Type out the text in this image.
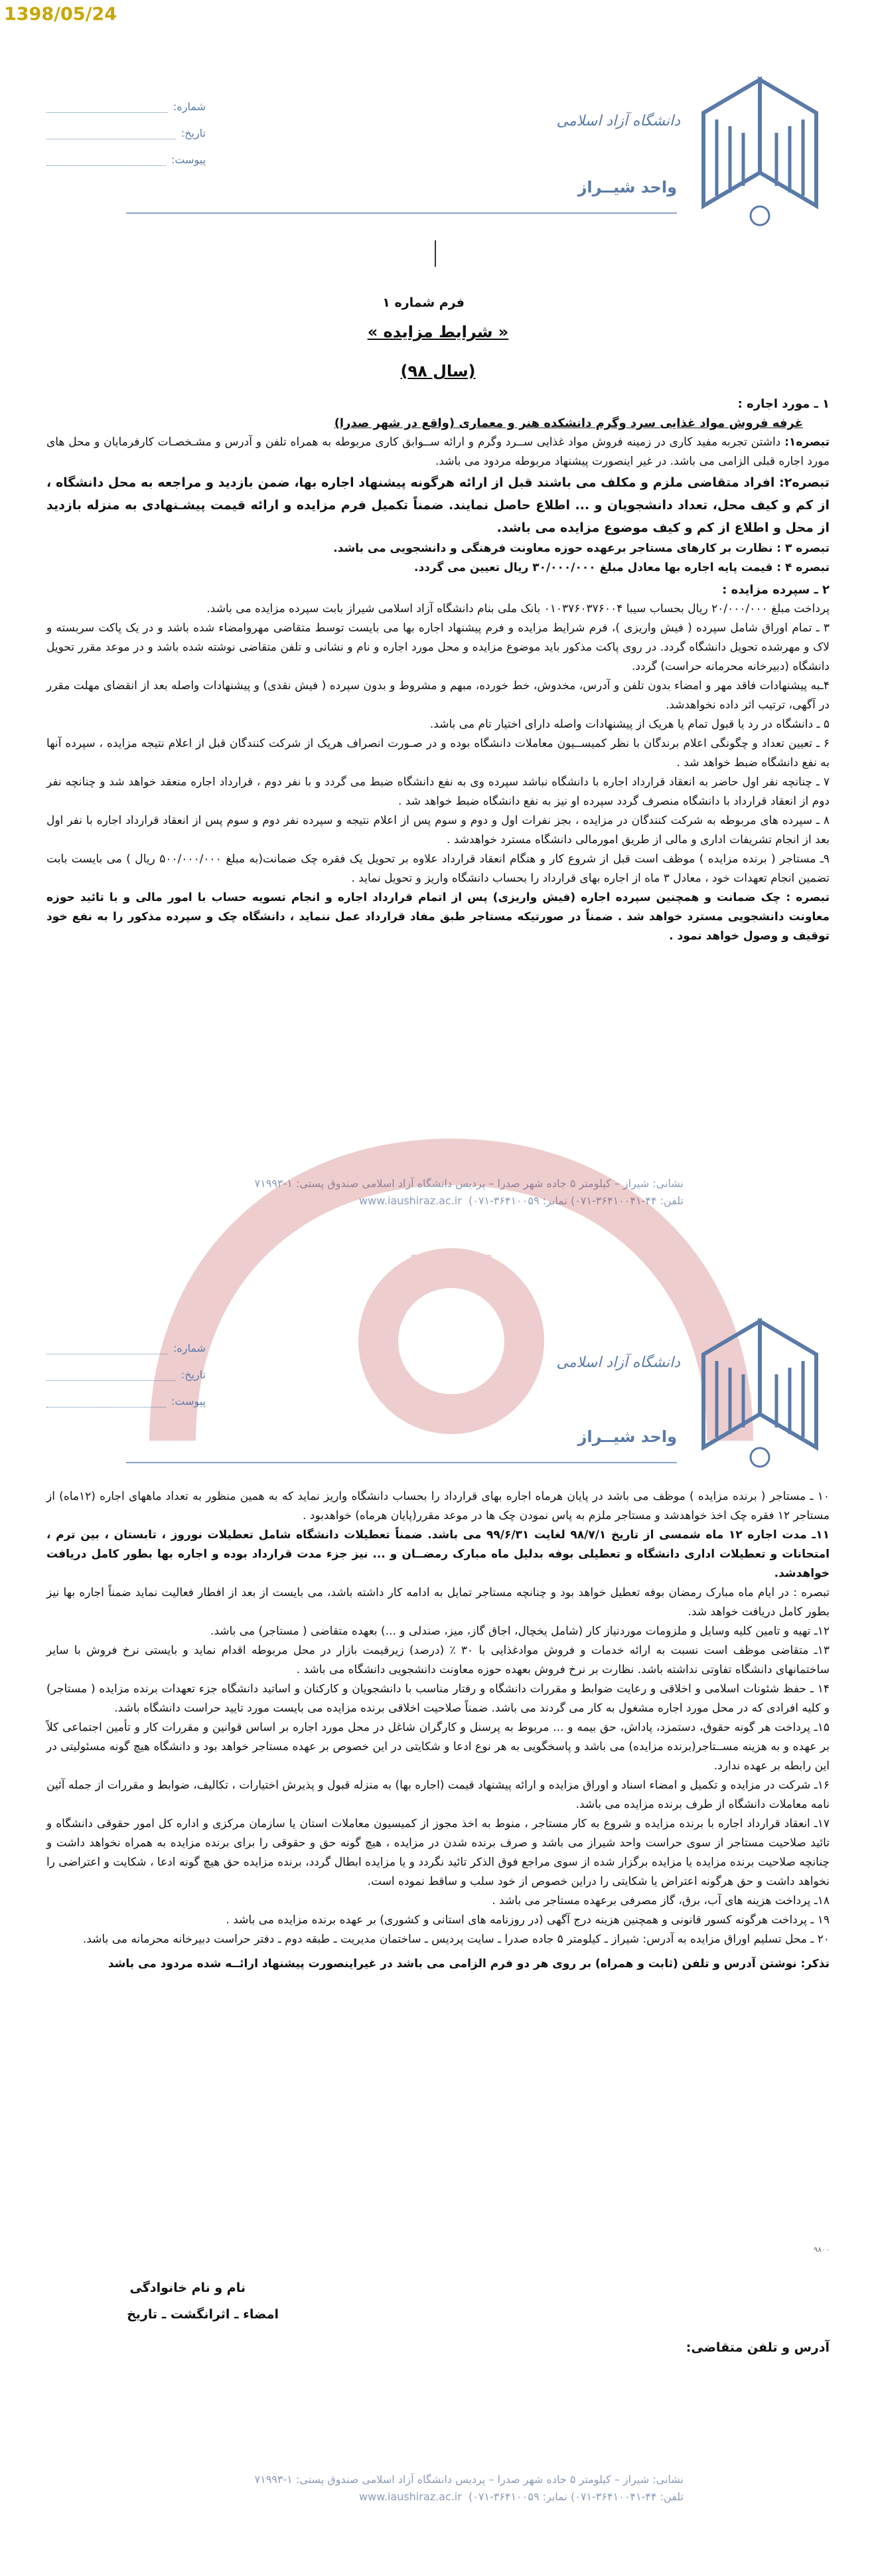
1398/05/24
دانشگاه آزاد اسلامی
واحد شیــراز
شماره:
تاریخ:
پیوست:
فرم شماره ۱
« شرایط مزایده »
(سال ۹۸)
۱ ـ مورد اجاره :
غرفه فروش مواد غذایی سرد وگرم دانشکده هنر و معماری (واقع در شهر صدرا)

تبصره۱: داشتن تجربه مفید کاری در زمینه فروش مواد غذایی ســرد وگرم و ارائه ســوابق کاری مربوطه به همراه تلفن و آدرس و مشـخصـات کارفرمایان و محل های مورد اجاره قبلی الزامی می باشد. در غیر اینصورت پیشنهاد مربوطه مردود می باشد.

تبصره۲: افراد متقاضی ملزم و مکلف می باشند قبل از ارائه هرگونه پیشنهاد اجاره بها، ضمن بازدید و مراجعه به محل دانشگاه ، از کم و کیف محل، تعداد دانشجویان و ... اطلاع حاصل نمایند. ضمناً تکمیل فرم مزایده و ارائه قیمت پیشـنهادی به منزله بازدید از محل و اطلاع از کم و کیف موضوع مزایده می باشد.

تبصره ۳ : نظارت بر کارهای مستاجر برعهده حوزه معاونت فرهنگی و دانشجویی می باشد.

تبصره ۴ : قیمت پایه اجاره بها معادل مبلغ ۳۰/۰۰۰/۰۰۰ ریال تعیین می گردد.

۲ ـ سپرده مزایده :

پرداخت مبلغ ۲۰/۰۰۰/۰۰۰ ریال بحساب سیبا ۰۱۰۳۷۶۰۳۷۶۰۰۴ بانک ملی بنام دانشگاه آزاد اسلامی شیراز بابت سپرده مزایده می باشد.

۳ ـ تمام اوراق شامل سپرده ( فیش واریزی )، فرم شرایط مزایده و فرم پیشنهاد اجاره بها می بایست توسط متقاضی مهروامضاء شده باشد و در یک پاکت سربسته و لاک و مهرشده تحویل دانشگاه گردد. در روی پاکت مذکور باید موضوع مزایده و محل مورد اجاره و نام و نشانی و تلفن متقاضی نوشته شده باشد و در موعد مقرر تحویل دانشگاه (دبیرخانه محرمانه حراست) گردد.

۴ـبه پیشنهادات فاقد مهر و امضاء بدون تلفن و آدرس، مخدوش، خط خورده، مبهم و مشروط و بدون سپرده ( فیش نقدی) و پیشنهادات واصله بعد از انقضای مهلت مقرر در آگهی، ترتیب اثر داده نخواهدشد.

۵ ـ دانشگاه در رد یا قبول تمام یا هریک از پیشنهادات واصله دارای اختیار تام می باشد.

۶ ـ تعیین تعداد و چگونگی اعلام برندگان با نظر کمیســیون معاملات دانشگاه بوده و در صـورت انصراف هریک از شرکت کنندگان قبل از اعلام نتیجه مزایده ، سپرده آنها به نفع دانشگاه ضبط خواهد شد .

۷ ـ چنانچه نفر اول حاضر به انعقاد قرارداد اجاره با دانشگاه نباشد سپرده وی به نفع دانشگاه ضبط می گردد و با نفر دوم ، قرارداد اجاره منعقد خواهد شد و چنانچه نفر دوم از انعقاد قرارداد با دانشگاه منصرف گردد سپرده او نیز به نفع دانشگاه ضبط خواهد شد .

۸ ـ سپرده های مربوطه به شرکت کنندگان در مزایده ، بجز نفرات اول و دوم و سوم پس از اعلام نتیجه و سپرده نفر دوم و سوم پس از انعقاد قرارداد اجاره با نفر اول بعد از انجام تشریفات اداری و مالی از طریق امورمالی دانشگاه مسترد خواهدشد .

۹ـ مستاجر ( برنده مزایده ) موظف است قبل از شروع کار و هنگام انعقاد قرارداد علاوه بر تحویل یک فقره چک ضمانت(به مبلغ ۵۰۰/۰۰۰/۰۰۰ ریال ) می بایست بابت تضمین انجام تعهدات خود ، معادل ۳ ماه از اجاره بهای قرارداد را بحساب دانشگاه واریز و تحویل نماید .

تبصره : چک ضمانت و همچنین سپرده اجاره (فیش واریزی) پس از اتمام قرارداد اجاره و انجام تسویه حساب با امور مالی و با تائید حوزه معاونت دانشجویی مسترد خواهد شد . ضمناً در صورتیکه مستاجر طبق مفاد قرارداد عمل ننماید ، دانشگاه چک و سپرده مذکور را به نفع خود توقیف و وصول خواهد نمود .

نشانی: شیراز – کیلومتر ۵ جاده شهر صدرا – پردیس دانشگاه آزاد اسلامی صندوق پستی: ۱-۷۱۹۹۳
تلفن: ۴۴-۳۶۴۱۰۰۴۱-۰۷۱) نمابر: ۳۶۴۱۰۰۵۹-۰۷۱)  www.iaushiraz.ac.ir
دانشگاه آزاد اسلامی
واحد شیــراز
شماره:
تاریخ:
پیوست:

۱۰ ـ مستاجر ( برنده مزایده ) موظف می باشد در پایان هرماه اجاره بهای قرارداد را بحساب دانشگاه واریز نماید که به همین منظور به تعداد ماههای اجاره (۱۲ماه) از مستاجر ۱۲ فقره چک اخذ خواهدشد و مستاجر ملزم به پاس نمودن چک ها در موعد مقرر(پایان هرماه) خواهدبود .

۱۱ـ مدت اجاره ۱۲ ماه شمسی از تاریخ ۹۸/۷/۱ لغایت ۹۹/۶/۳۱ می باشد. ضمناً تعطیلات دانشگاه شامل تعطیلات نوروز ، تابستان ، بین ترم ، امتحانات و تعطیلات اداری دانشگاه و تعطیلی بوفه بدلیل ماه مبارک رمضــان و ... نیز جزء مدت قرارداد بوده و اجاره بها بطور کامل دریافت خواهدشد.

تبصره : در ایام ماه مبارک رمضان بوفه تعطیل خواهد بود و چنانچه مستاجر تمایل به ادامه کار داشته باشد، می بایست از بعد از افطار فعالیت نماید ضمناً اجاره بها نیز بطور کامل دریافت خواهد شد.

۱۲ـ تهیه و تامین کلیه وسایل و ملزومات موردنیاز کار (شامل یخچال، اجاق گاز، میز، صندلی و ...) بعهده متقاضی ( مستاجر) می باشد.

۱۳ـ متقاضی موظف است نسبت به ارائه خدمات و فروش مواد‌غذایی با ۳۰ ٪ (درصد) زیرقیمت بازار در محل مربوطه اقدام نماید و بایستی نرخ فروش با سایر ساختمانهای دانشگاه تفاوتی نداشته باشد. نظارت بر نرخ فروش بعهده حوزه معاونت دانشجویی دانشگاه می باشد .

۱۴ ـ حفظ شئونات اسلامی و اخلاقی و رعایت ضوابط و مقررات دانشگاه و رفتار مناسب با دانشجویان و کارکنان و اساتید دانشگاه جزء تعهدات برنده مزایده ( مستاجر) و کلیه افرادی که در محل مورد اجاره مشغول به کار می گردند می باشد. ضمناً صلاحیت اخلاقی برنده مزایده می بایست مورد تایید حراست دانشگاه باشد.

۱۵ـ پرداخت هر گونه حقوق، دستمزد، پاداش، حق بیمه و ... مربوط به پرسنل و کارگران شاغل در محل مورد اجاره بر اساس قوانین و مقررات کار و تأمین اجتماعی کلاً بر عهده و به هزینه مســتاجر(برنده مزایده) می باشد و پاسخگویی به هر نوع ادعا و شکایتی در این خصوص بر عهده مستاجر خواهد بود و دانشگاه هیچ گونه مسئولیتی در این رابطه بر عهده ندارد.

۱۶ـ شرکت در مزایده و تکمیل و امضاء اسناد و اوراق مزایده و ارائه پیشنهاد قیمت (اجاره بها) به منزله قبول و پذیرش اختیارات ، تکالیف، ضوابط و مقررات از جمله آئین نامه معاملات دانشگاه از طرف برنده مزایده می باشد.

۱۷ـ انعقاد قرارداد اجاره با برنده مزایده و شروع به کار مستاجر ، منوط به اخذ مجوز از کمیسیون معاملات استان یا سازمان مرکزی و اداره کل امور حقوقی دانشگاه و تائید صلاحیت مستاجر از سوی حراست واحد شیراز می باشد و صرف برنده شدن در مزایده ، هیچ گونه حق و حقوقی را برای برنده مزایده به همراه نخواهد داشت و چنانچه صلاحیت برنده مزایده یا مزایده برگزار شده از سوی مراجع فوق الذکر تائید نگردد و یا مزایده ابطال گردد، برنده مزایده حق هیچ گونه ادعا ، شکایت و اعتراضی را نخواهد داشت و حق هرگونه اعتراض یا شکایتی را دراین خصوص از خود سلب و ساقط نموده است.

۱۸ـ پرداخت هزینه های آب، برق، گاز مصرفی برعهده مستاجر می باشد .

۱۹ ـ پرداخت هرگونه کسور قانونی و همچنین هزینه درج آگهی (در روزنامه های استانی و کشوری) بر عهده برنده مزایده می باشد .

۲۰ ـ محل تسلیم اوراق مزایده به آدرس: شیراز ـ کیلومتر ۵ جاده صدرا ـ سایت پردیس ـ ساختمان مدیریت ـ طبقه دوم ـ دفتر حراست دبیرخانه محرمانه می باشد.

تذکر: نوشتن آدرس و تلفن (ثابت و همراه) بر روی هر دو فرم الزامی می باشد در غیراینصورت پیشنهاد ارائــه شده مردود می باشد

۹۸۰۰
نام و نام خانوادگی
امضاء ـ اثرانگشت ـ تاریخ
آدرس و تلفن متقاضی:
نشانی: شیراز – کیلومتر ۵ جاده شهر صدرا – پردیس دانشگاه آزاد اسلامی صندوق پستی: ۱-۷۱۹۹۳
تلفن: ۴۴-۳۶۴۱۰۰۴۱-۰۷۱) نمابر: ۳۶۴۱۰۰۵۹-۰۷۱)  www.iaushiraz.ac.ir
